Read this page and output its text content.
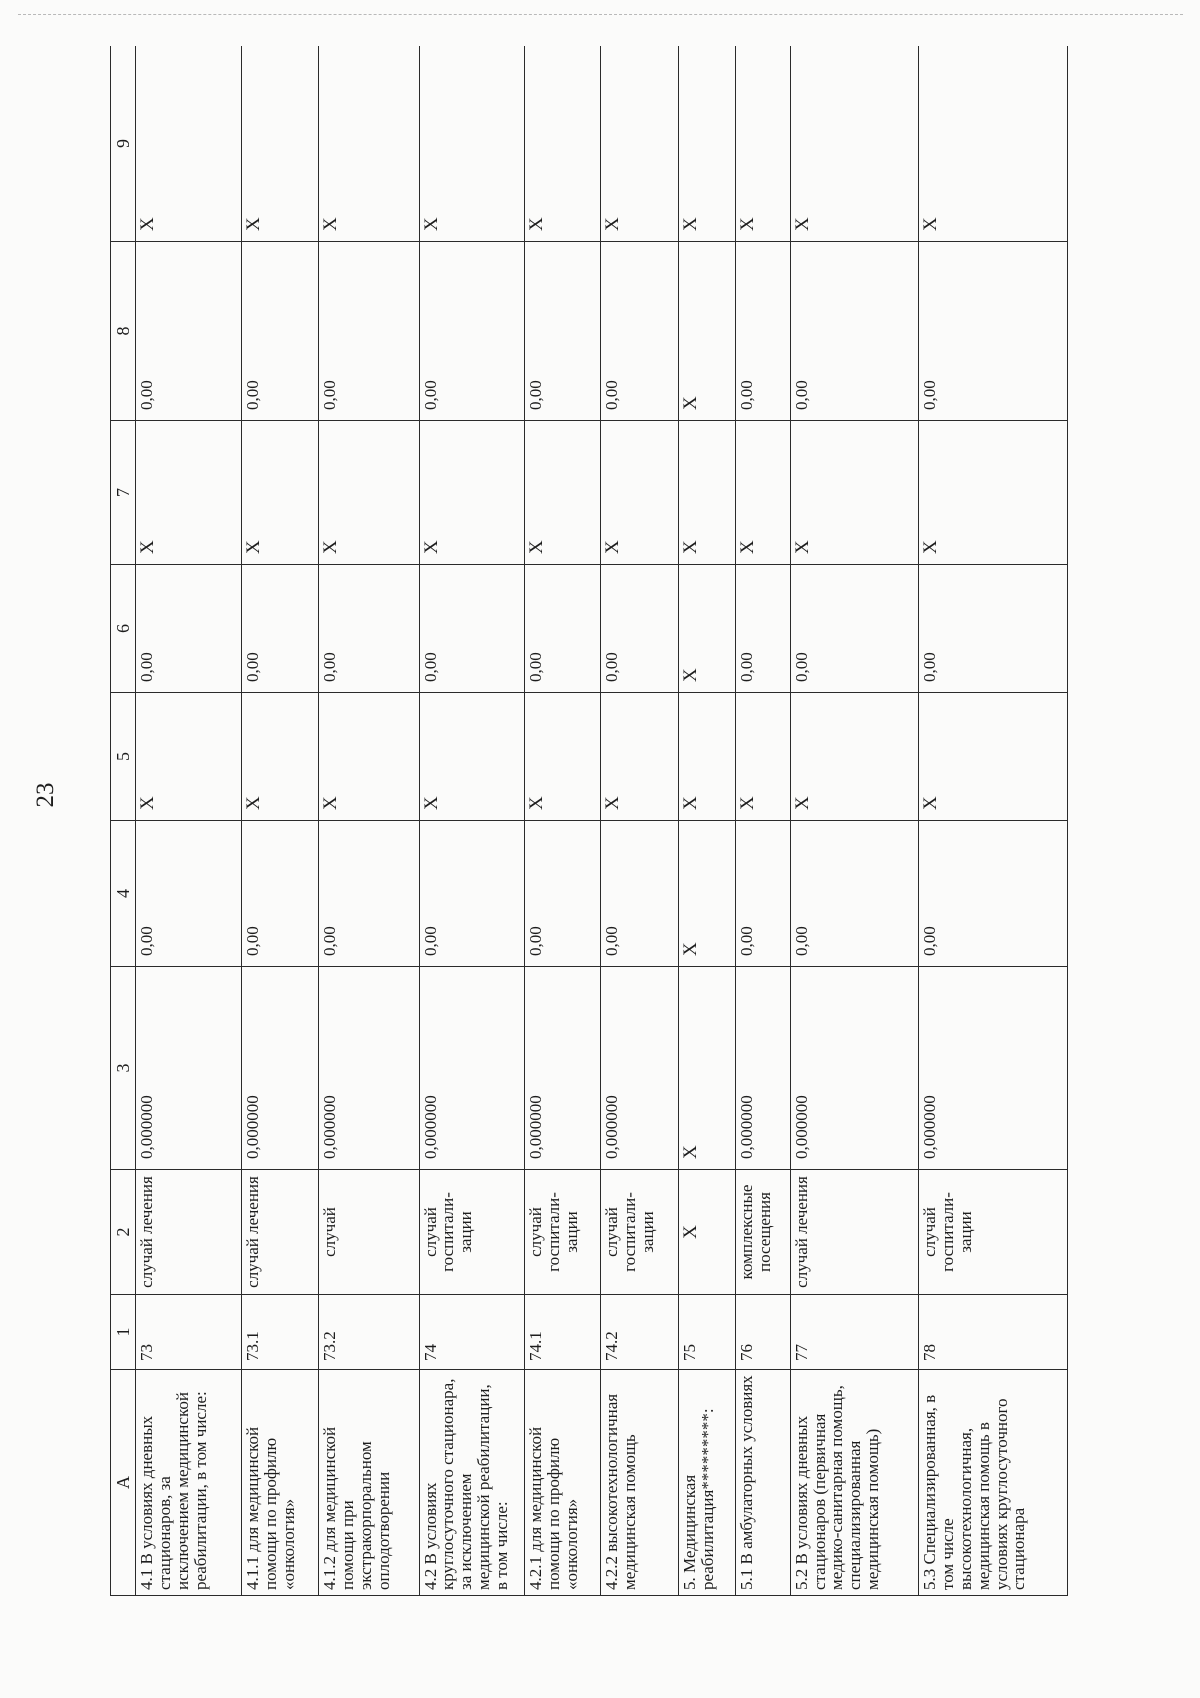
23
А	1	2	3	4	5	6	7	8	9
4.1 В условиях дневных стационаров, за исключением медицинской реабилитации, в том числе:	73	случай лечения	0,000000	0,00	Х	0,00	Х	0,00	Х
4.1.1 для медицинской помощи по профилю «онкология»	73.1	случай лечения	0,000000	0,00	Х	0,00	Х	0,00	Х
4.1.2 для медицинской помощи при экстракорпоральном оплодотворении	73.2	случай	0,000000	0,00	Х	0,00	Х	0,00	Х
4.2 В условиях круглосуточного стационара, за исключением медицинской реабилитации, в том числе:	74	случай госпитали-зации	0,000000	0,00	Х	0,00	Х	0,00	Х
4.2.1 для медицинской помощи по профилю «онкология»	74.1	случай госпитали-зации	0,000000	0,00	Х	0,00	Х	0,00	Х
4.2.2 высокотехнологичная медицинская помощь	74.2	случай госпитали-зации	0,000000	0,00	Х	0,00	Х	0,00	Х
5. Медицинская реабилитация*********:	75	Х	Х	Х	Х	Х	Х	Х	Х
5.1 В амбулаторных условиях	76	комплексные посещения	0,000000	0,00	Х	0,00	Х	0,00	Х
5.2 В условиях дневных стационаров (первичная медико-санитарная помощь, специализированная медицинская помощь)	77	случай лечения	0,000000	0,00	Х	0,00	Х	0,00	Х
5.3 Специализированная, в том числе высокотехнологичная, медицинская помощь в условиях круглосуточного стационара	78	случай госпитали-зации	0,000000	0,00	Х	0,00	Х	0,00	Х
